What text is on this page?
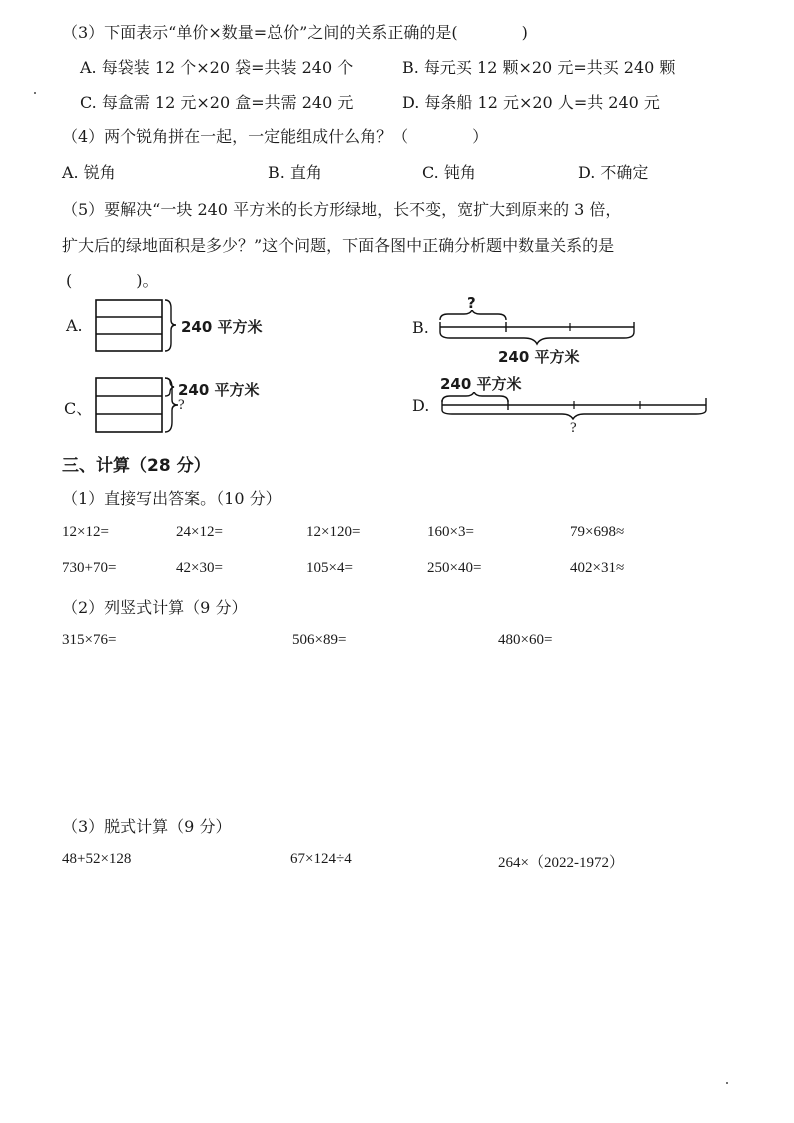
（3）下面表示“单价×数量=总价”之间的关系正确的是(　　　　)
A. 每袋装 12 个×20 袋=共装 240 个	B. 每元买 12 颗×20 元=共买 240 颗
C. 每盒需 12 元×20 盒=共需 240 元	D. 每条船 12 元×20 人=共 240 元
（4）两个锐角拼在一起，一定能组成什么角？（　　　　）
A. 锐角	B. 直角	C. 钝角	D. 不确定
（5）要解决“一块 240 平方米的长方形绿地，长不变，宽扩大到原来的 3 倍，
扩大后的绿地面积是多少？”这个问题，下面各图中正确分析题中数量关系的是
(　　　　)。
A.	240 平方米	B.
?
240 平方米
C、
240 平方米
?	D.
240 平方米
?
三、计算（28 分）
（1）直接写出答案。（10 分）
12×12=	24×12=	12×120=	160×3=	79×698≈
730+70=	42×30=	105×4=	250×40=	402×31≈
（2）列竖式计算（9 分）
315×76=	506×89=	480×60=
（3）脱式计算（9 分）
48+52×128	67×124÷4	264×（2022-1972）
